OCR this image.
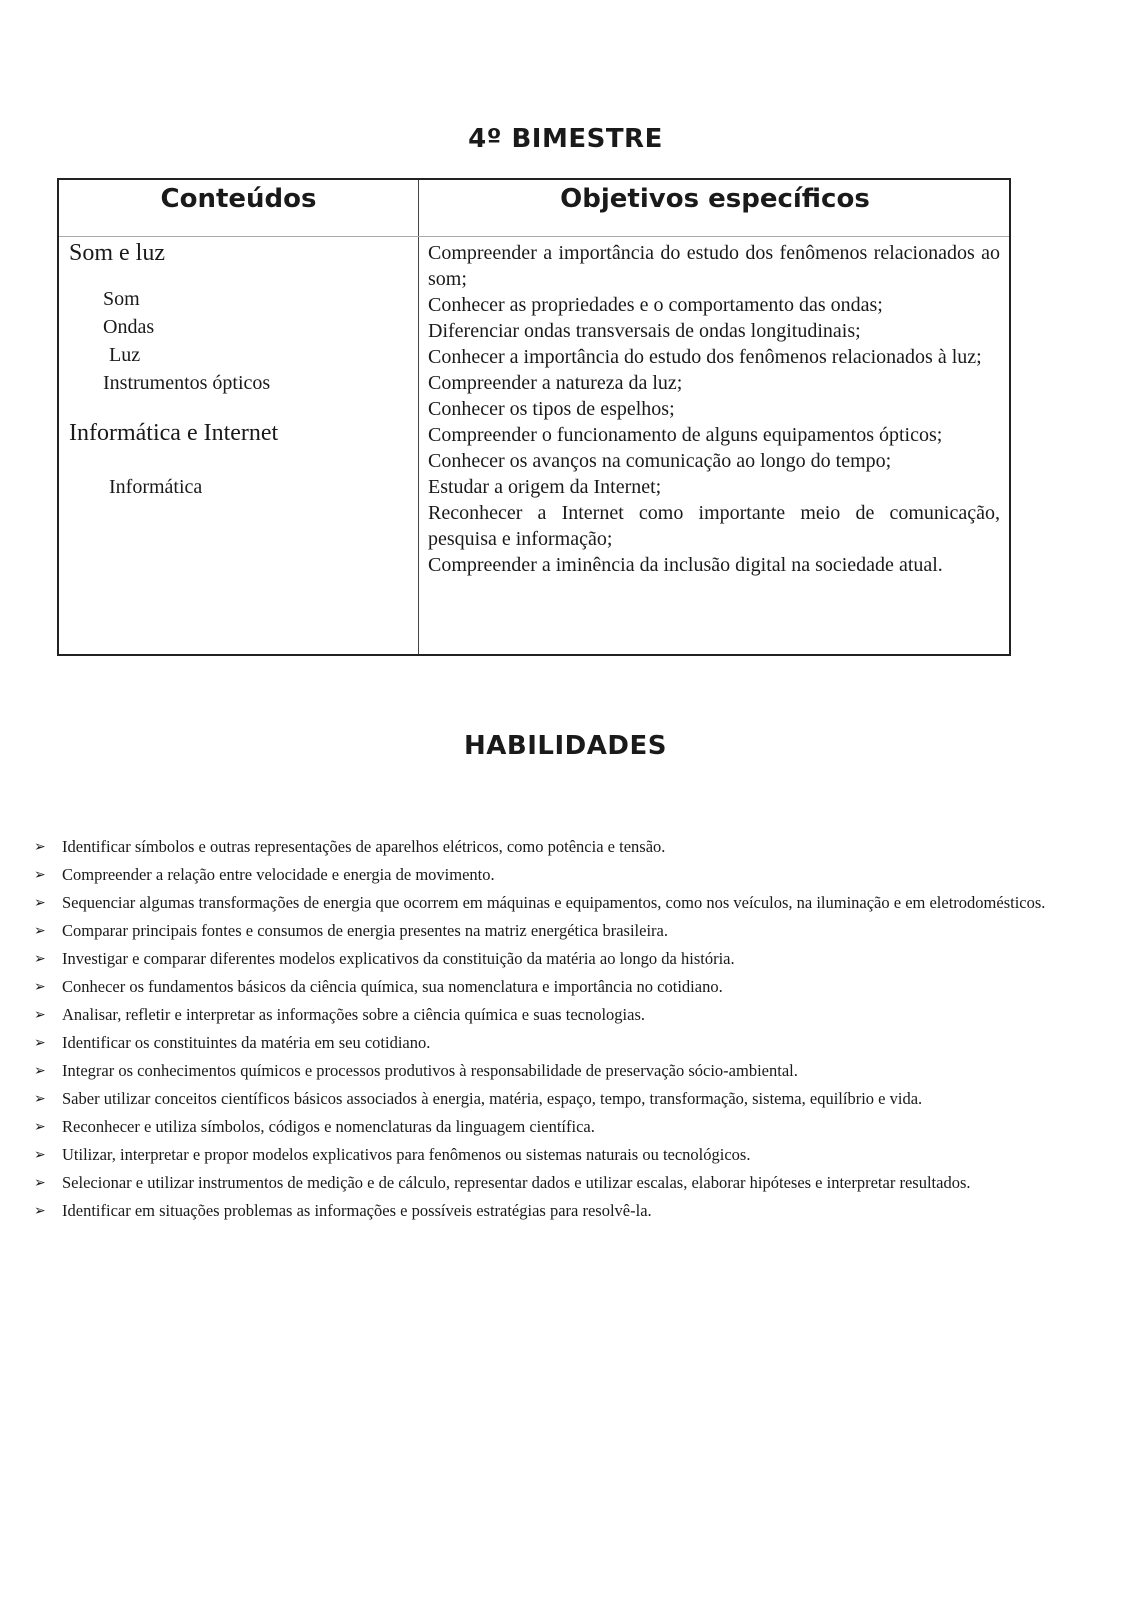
4º BIMESTRE
Conteúdos	Objetivos específicos
Som e luz
Som
Ondas
Luz
Instrumentos ópticos
Informática e Internet
Informática
Compreender a importância do estudo dos fenômenos relacionados ao som;
Conhecer as propriedades e o comportamento das ondas;
Diferenciar ondas transversais de ondas longitudinais;
Conhecer a importância do estudo dos fenômenos relacionados à luz;
Compreender a natureza da luz;
Conhecer os tipos de espelhos;
Compreender o funcionamento de alguns equipamentos ópticos;
Conhecer os avanços na comunicação ao longo do tempo;
Estudar a origem da Internet;
Reconhecer a Internet como importante meio de comunicação, pesquisa e informação;
Compreender a iminência da inclusão digital na sociedade atual.
HABILIDADES
➢ Identificar símbolos e outras representações de aparelhos elétricos, como potência e tensão.
➢ Compreender a relação entre velocidade e energia de movimento.
➢ Sequenciar algumas transformações de energia que ocorrem em máquinas e equipamentos, como nos veículos, na iluminação e em eletrodomésticos.
➢ Comparar principais fontes e consumos de energia presentes na matriz energética brasileira.
➢ Investigar e comparar diferentes modelos explicativos da constituição da matéria ao longo da história.
➢ Conhecer os fundamentos básicos da ciência química, sua nomenclatura e importância no cotidiano.
➢ Analisar, refletir e interpretar as informações sobre a ciência química e suas tecnologias.
➢ Identificar os constituintes da matéria em seu cotidiano.
➢ Integrar os conhecimentos químicos e processos produtivos à responsabilidade de preservação sócio-ambiental.
➢ Saber utilizar conceitos científicos básicos associados à energia, matéria, espaço, tempo, transformação, sistema, equilíbrio e vida.
➢ Reconhecer e utiliza símbolos, códigos e nomenclaturas da linguagem científica.
➢ Utilizar, interpretar e propor modelos explicativos para fenômenos ou sistemas naturais ou tecnológicos.
➢ Selecionar e utilizar instrumentos de medição e de cálculo, representar dados e utilizar escalas, elaborar hipóteses e interpretar resultados.
➢ Identificar em situações problemas as informações e possíveis estratégias para resolvê-la.
